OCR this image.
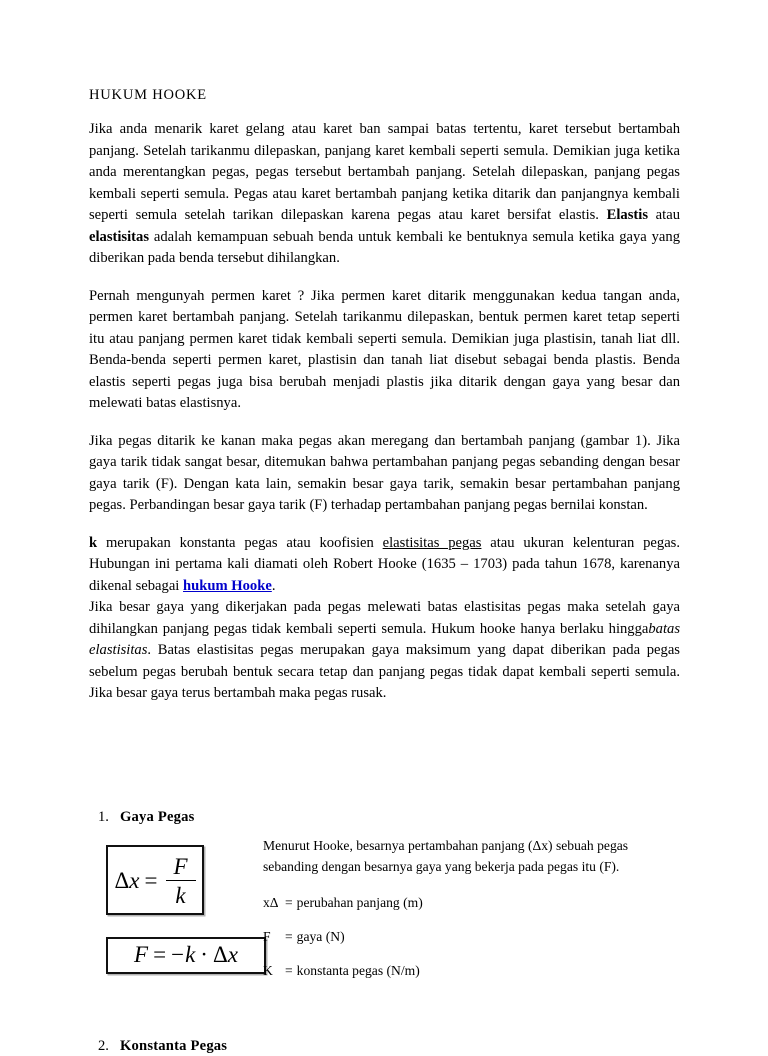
HUKUM HOOKE

Jika anda menarik karet gelang atau karet ban sampai batas tertentu, karet tersebut bertambah panjang. Setelah tarikanmu dilepaskan, panjang karet kembali seperti semula. Demikian juga ketika anda merentangkan pegas, pegas tersebut bertambah panjang. Setelah dilepaskan, panjang pegas kembali seperti semula. Pegas atau karet bertambah panjang ketika ditarik dan panjangnya kembali seperti semula setelah tarikan dilepaskan karena pegas atau karet bersifat elastis. Elastis atau elastisitas adalah kemampuan sebuah benda untuk kembali ke bentuknya semula ketika gaya yang diberikan pada benda tersebut dihilangkan.

Pernah mengunyah permen karet ? Jika permen karet ditarik menggunakan kedua tangan anda, permen karet bertambah panjang. Setelah tarikanmu dilepaskan, bentuk permen karet tetap seperti itu atau panjang permen karet tidak kembali seperti semula. Demikian juga plastisin, tanah liat dll. Benda-benda seperti permen karet, plastisin dan tanah liat disebut sebagai benda plastis. Benda elastis seperti pegas juga bisa berubah menjadi plastis jika ditarik dengan gaya yang besar dan melewati batas elastisnya.

Jika pegas ditarik ke kanan maka pegas akan meregang dan bertambah panjang (gambar 1). Jika gaya tarik tidak sangat besar, ditemukan bahwa pertambahan panjang pegas sebanding dengan besar gaya tarik (F). Dengan kata lain, semakin besar gaya tarik, semakin besar pertambahan panjang pegas. Perbandingan besar gaya tarik (F) terhadap pertambahan panjang pegas bernilai konstan.

k merupakan konstanta pegas atau koofisien elastisitas pegas atau ukuran kelenturan pegas. Hubungan ini pertama kali diamati oleh Robert Hooke (1635 – 1703) pada tahun 1678, karenanya dikenal sebagai hukum Hooke.

Jika besar gaya yang dikerjakan pada pegas melewati batas elastisitas pegas maka setelah gaya dihilangkan panjang pegas tidak kembali seperti semula. Hukum hooke hanya berlaku hinggabatas elastisitas. Batas elastisitas pegas merupakan gaya maksimum yang dapat diberikan pada pegas sebelum pegas berubah bentuk secara tetap dan panjang pegas tidak dapat kembali seperti semula. Jika besar gaya terus bertambah maka pegas rusak.

1. Gaya Pegas

Δ $x = \frac{F}{k}$

F = − k · Δ x

Menurut Hooke, besarnya pertambahan panjang (Δx) sebuah pegas sebanding dengan besarnya gaya yang bekerja pada pegas itu (F).

xΔ = perubahan panjang (m)
F = gaya (N)
K = konstanta pegas (N/m)

2. Konstanta Pegas
